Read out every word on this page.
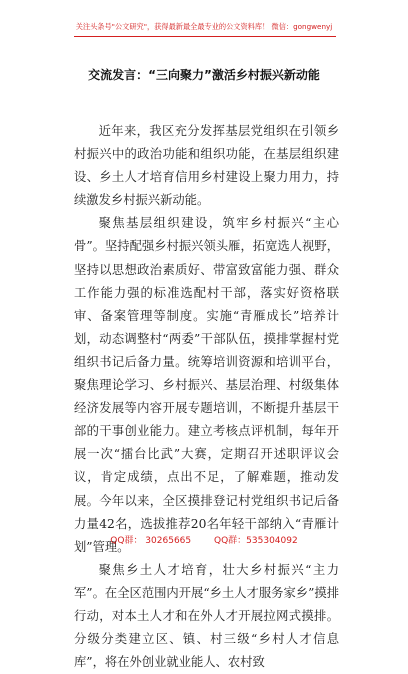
关注头条号"公文研究"，获得最新最全最专业的公文资料库！ 微信：gongwenyj
交流发言：“三向聚力”激活乡村振兴新动能

近年来，我区充分发挥基层党组织在引领乡村振兴中的政治功能和组织功能，在基层组织建设、乡土人才培育信用乡村建设上聚力用力，持续激发乡村振兴新动能。

聚焦基层组织建设，筑牢乡村振兴“主心骨”。坚持配强乡村振兴领头雁，拓宽选人视野，坚持以思想政治素质好、带富致富能力强、群众工作能力强的标准选配村干部，落实好资格联审、备案管理等制度。实施“青雁成长”培养计划，动态调整村“两委”干部队伍，摸排掌握村党组织书记后备力量。统筹培训资源和培训平台，聚焦理论学习、乡村振兴、基层治理、村级集体经济发展等内容开展专题培训，不断提升基层干部的干事创业能力。建立考核点评机制，每年开展一次“擂台比武”大赛，定期召开述职评议会议，肯定成绩，点出不足，了解难题，推动发展。今年以来，全区摸排登记村党组织书记后备力量42名，选拔推荐20名年轻干部纳入“青雁计划”管理。

聚焦乡土人才培育，壮大乡村振兴“主力军”。在全区范围内开展“乡土人才服务家乡”摸排行动，对本土人才和在外人才开展拉网式摸排。分级分类建立区、镇、村三级“乡村人才信息库”，将在外创业就业能人、农村致

QQ群： 30265665	QQ群：535304092
